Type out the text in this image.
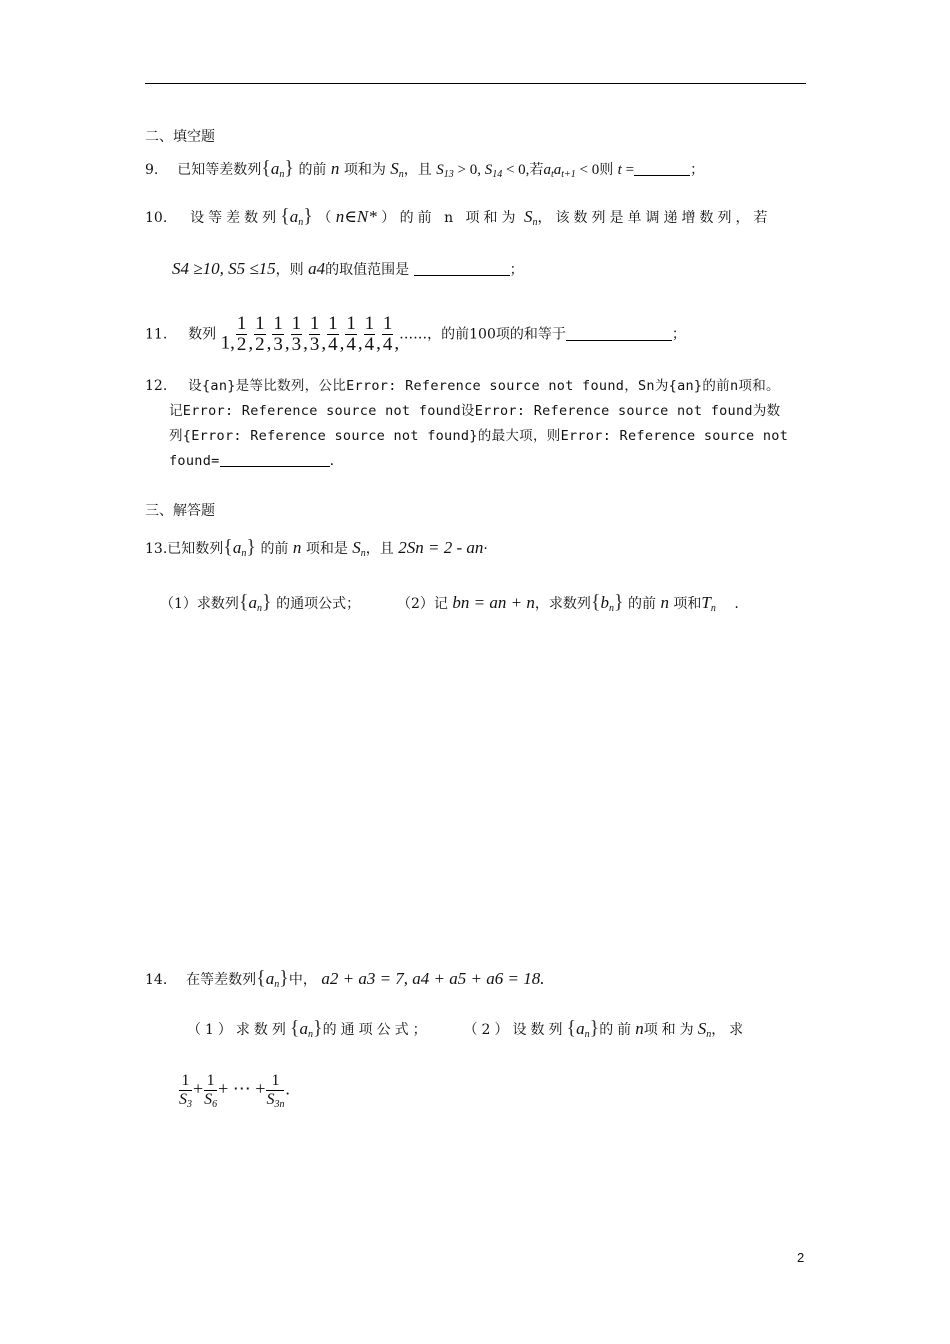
二、填空题
9. 已知等差数列$\{a_n\}$ 的前 n 项和为 $S_n$，且 $S_{13} > 0$, $S_{14} < 0$,若$a_ta_{t+1} < 0$则 t =	；
10. 设等差数列$\{a_n\}$ （ n∈N* ） 的前 n 项和为 $S_n$，该数列是单调递增数列，若
S4 ≥10, S5 ≤15，则 a4的取值范围是	；
11. 数列 1, $\frac{1}{2}$ , $\frac{1}{2}$ , $\frac{1}{3}$ , $\frac{1}{3}$ , $\frac{1}{3}$ , $\frac{1}{4}$ , $\frac{1}{4}$ , $\frac{1}{4}$ , $\frac{1}{4}$ ,……，的前100项的和等于	；
12. 设{an}是等比数列，公比Error: Reference source not found，Sn为{an}的前n项和。
记Error: Reference source not found设Error: Reference source not found为数
列{Error: Reference source not found}的最大项，则Error: Reference source not
found=	.
三、解答题
13.已知数列$\{a_n\}$ 的前 n 项和是 $S_n$，且 2Sn = 2 - an·
（1）求数列$\{a_n\}$ 的通项公式；	（2）记 bn = an + n，求数列$\{b_n\}$ 的前 n 项和$T_n$ .
14. 在等差数列$\{a_n\}$中， a2 + a3 = 7, a4 + a5 + a6 = 18.
（1）求数列$\{a_n\}$的通项公式； （2）设数列$\{a_n\}$的前n项和为$S_n$，求
$\frac{1}{S_3} + \frac{1}{S_6}$ + ⋯ + $\frac{1}{S_{3n}}$ .
2
